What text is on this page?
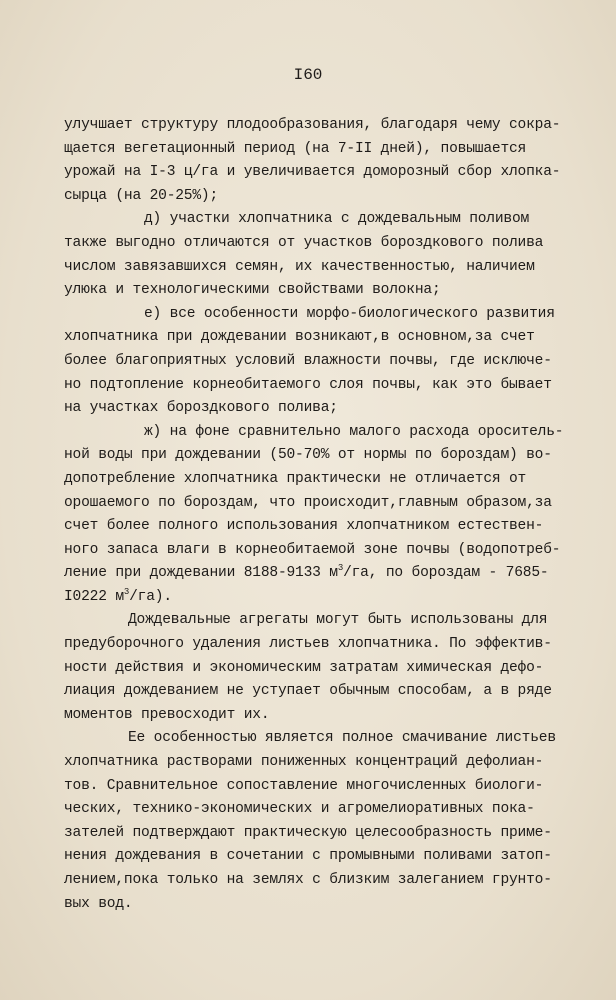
I60
улучшает структуру плодообразования, благодаря чему сокра-
щается вегетационный период (на 7-II дней), повышается
урожай на I-3 ц/га и увеличивается доморозный сбор хлопка-
сырца (на 20-25%);
д) участки хлопчатника с дождевальным поливом
также выгодно отличаются от участков бороздкового полива
числом завязавшихся семян, их качественностью, наличием
улюка и технологическими свойствами волокна;
е) все особенности морфо-биологического развития
хлопчатника при дождевании возникают,в основном,за счет
более благоприятных условий влажности почвы, где исключе-
но подтопление корнеобитаемого слоя почвы, как это бывает
на участках бороздкового полива;
ж) на фоне сравнительно малого расхода ороситель-
ной воды при дождевании (50-70% от нормы по бороздам) во-
допотребление хлопчатника практически не отличается от
орошаемого по бороздам, что происходит,главным образом,за
счет более полного использования хлопчатником естествен-
ного запаса влаги в корнеобитаемой зоне почвы (водопотреб-
ление при дождевании 8188-9133 $м^3/га$, по бороздам - 7685-
I0222 $м^3/га$).
Дождевальные агрегаты могут быть использованы для
предуборочного удаления листьев хлопчатника. По эффектив-
ности действия и экономическим затратам химическая дефо-
лиация дождеванием не уступает обычным способам, а в ряде
моментов превосходит их.
Ее особенностью является полное смачивание листьев
хлопчатника растворами пониженных концентраций дефолиан-
тов. Сравнительное сопоставление многочисленных биологи-
ческих, технико-экономических и агромелиоративных пока-
зателей подтверждают практическую целесообразность приме-
нения дождевания в сочетании с промывными поливами затоп-
лением,пока только на землях с близким залеганием грунто-
вых вод.
